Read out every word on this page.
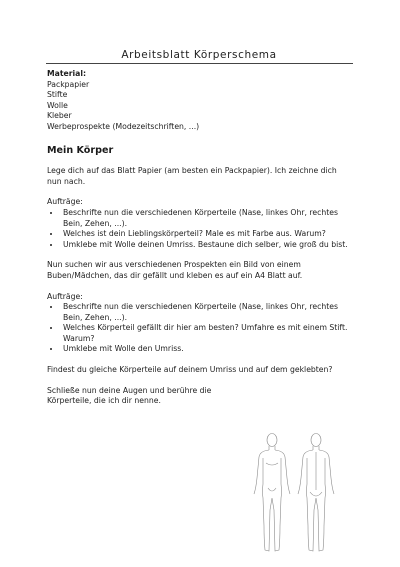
Arbeitsblatt Körperschema
Material:
Packpapier
Stifte
Wolle
Kleber
Werbeprospekte (Modezeitschriften, ...)
Mein Körper

Lege dich auf das Blatt Papier (am besten ein Packpapier). Ich zeichne dich nun nach.

Aufträge:
• Beschrifte nun die verschiedenen Körperteile (Nase, linkes Ohr, rechtes Bein, Zehen, ...).
• Welches ist dein Lieblingskörperteil? Male es mit Farbe aus. Warum?
• Umklebe mit Wolle deinen Umriss. Bestaune dich selber, wie groß du bist.

Nun suchen wir aus verschiedenen Prospekten ein Bild von einem Buben/Mädchen, das dir gefällt und kleben es auf ein A4 Blatt auf.

Aufträge:
• Beschrifte nun die verschiedenen Körperteile (Nase, linkes Ohr, rechtes Bein, Zehen, ...).
• Welches Körperteil gefällt dir hier am besten? Umfahre es mit einem Stift. Warum?
• Umklebe mit Wolle den Umriss.

Findest du gleiche Körperteile auf deinem Umriss und auf dem geklebten?

Schließe nun deine Augen und berühre die
Körperteile, die ich dir nenne.
